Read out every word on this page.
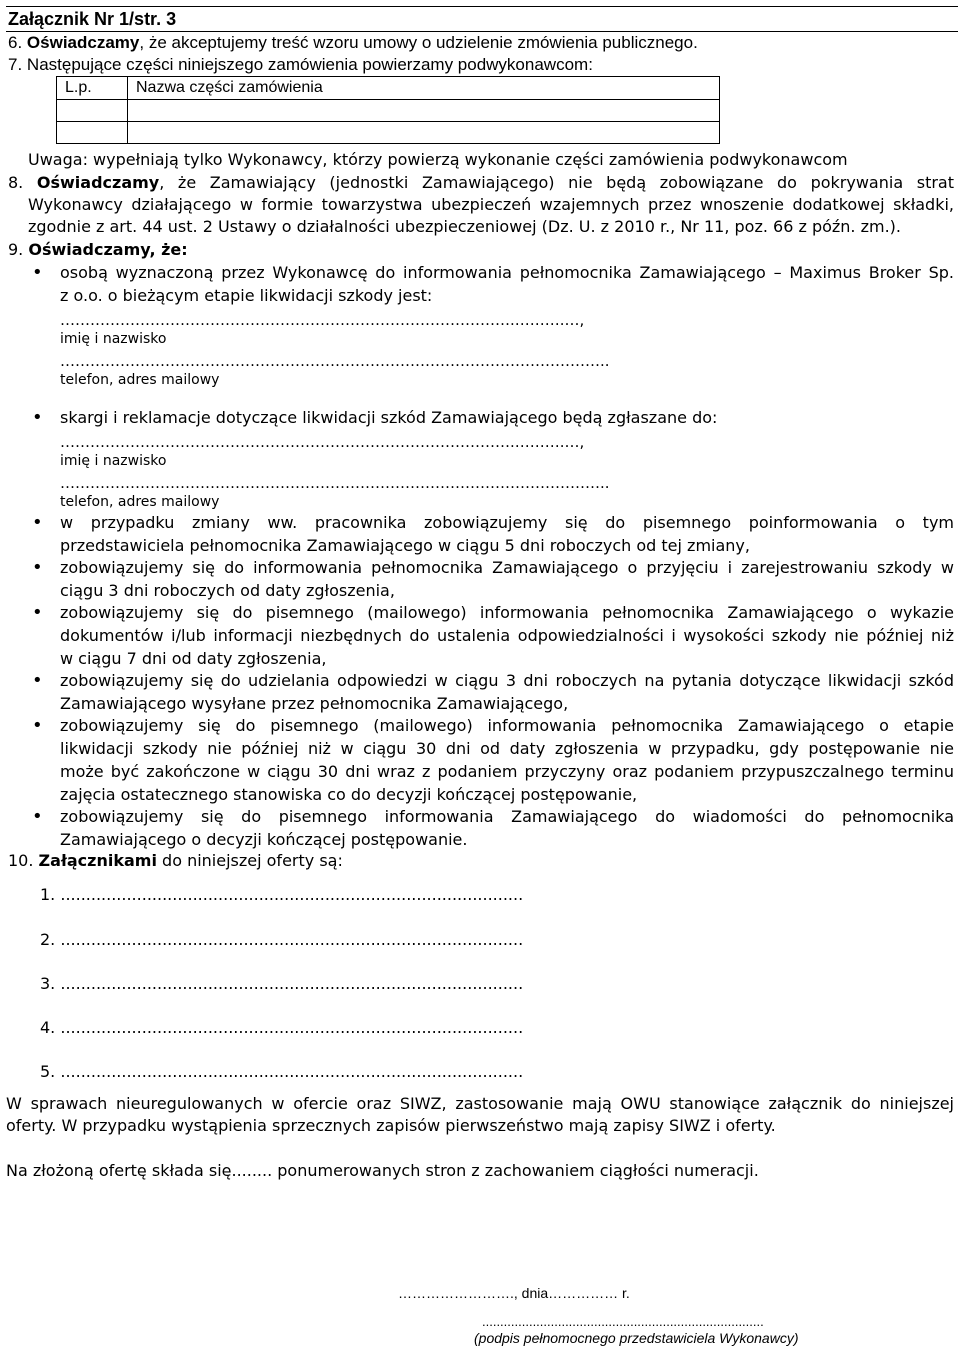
Załącznik Nr 1/str. 3
6. Oświadczamy, że akceptujemy treść wzoru umowy o udzielenie zmówienia publicznego.
7. Następujące części niniejszego zamówienia powierzamy podwykonawcom:
L.p.	Nazwa części zamówienia

Uwaga: wypełniają tylko Wykonawcy, którzy powierzą wykonanie części zamówienia podwykonawcom
8. Oświadczamy, że Zamawiający (jednostki Zamawiającego) nie będą zobowiązane do pokrywania strat
Wykonawcy działającego w formie towarzystwa ubezpieczeń wzajemnych przez wnoszenie dodatkowej składki,
zgodnie z art. 44 ust. 2 Ustawy o działalności ubezpieczeniowej (Dz. U. z 2010 r., Nr 11, poz. 66 z późn. zm.).
9. Oświadczamy, że:
• osobą wyznaczoną przez Wykonawcę do informowania pełnomocnika Zamawiającego – Maximus Broker Sp.
z o.o. o bieżącym etapie likwidacji szkody jest:
……………………………………………………………………………….……….…,
imię i nazwisko
………………………………………………………………………………………………..
telefon, adres mailowy
• skargi i reklamacje dotyczące likwidacji szkód Zamawiającego będą zgłaszane do:
……………………………………………………………………………….……….…,
imię i nazwisko
………………………………………………………………………………………………..
telefon, adres mailowy
• w przypadku zmiany ww. pracownika zobowiązujemy się do pisemnego poinformowania o tym
przedstawiciela pełnomocnika Zamawiającego w ciągu 5 dni roboczych od tej zmiany,
• zobowiązujemy się do informowania pełnomocnika Zamawiającego o przyjęciu i zarejestrowaniu szkody w
ciągu 3 dni roboczych od daty zgłoszenia,
• zobowiązujemy się do pisemnego (mailowego) informowania pełnomocnika Zamawiającego o wykazie
dokumentów i/lub informacji niezbędnych do ustalenia odpowiedzialności i wysokości szkody nie później niż
w ciągu 7 dni od daty zgłoszenia,
• zobowiązujemy się do udzielania odpowiedzi w ciągu 3 dni roboczych na pytania dotyczące likwidacji szkód
Zamawiającego wysyłane przez pełnomocnika Zamawiającego,
• zobowiązujemy się do pisemnego (mailowego) informowania pełnomocnika Zamawiającego o etapie
likwidacji szkody nie później niż w ciągu 30 dni od daty zgłoszenia w przypadku, gdy postępowanie nie
może być zakończone w ciągu 30 dni wraz z podaniem przyczyny oraz podaniem przypuszczalnego terminu
zajęcia ostatecznego stanowiska co do decyzji kończącej postępowanie,
• zobowiązujemy się do pisemnego informowania Zamawiającego do wiadomości do pełnomocnika
Zamawiającego o decyzji kończącej postępowanie.
10. Załącznikami do niniejszej oferty są:
1. ...........................................................................................
2. ...........................................................................................
3. ...........................................................................................
4. ...........................................................................................
5. ...........................................................................................
W sprawach nieuregulowanych w ofercie oraz SIWZ, zastosowanie mają OWU stanowiące załącznik do niniejszej
oferty. W przypadku wystąpienia sprzecznych zapisów pierwszeństwo mają zapisy SIWZ i oferty.
Na złożoną ofertę składa się........ ponumerowanych stron z zachowaniem ciągłości numeracji.
……………………., dnia…………… r.
..............................................................................
(podpis pełnomocnego przedstawiciela Wykonawcy)
